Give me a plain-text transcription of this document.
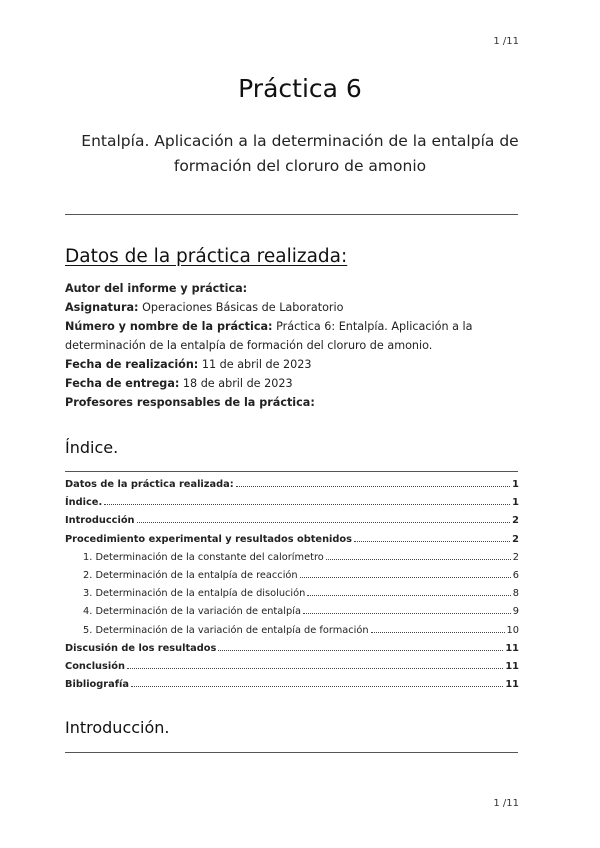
1 /11
Práctica 6
Entalpía. Aplicación a la determinación de la entalpía de
formación del cloruro de amonio
Datos de la práctica realizada:
Autor del informe y práctica:
Asignatura: Operaciones Básicas de Laboratorio
Número y nombre de la práctica: Práctica 6: Entalpía. Aplicación a la determinación de la entalpía de formación del cloruro de amonio.
Fecha de realización: 11 de abril de 2023
Fecha de entrega: 18 de abril de 2023
Profesores responsables de la práctica:
Índice.
Datos de la práctica realizada:	1
Índice.	1
Introducción	2
Procedimiento experimental y resultados obtenidos	2
1. Determinación de la constante del calorímetro	2
2. Determinación de la entalpía de reacción	6
3. Determinación de la entalpía de disolución	8
4. Determinación de la variación de entalpía	9
5. Determinación de la variación de entalpía de formación	10
Discusión de los resultados	11
Conclusión	11
Bibliografía	11
Introducción.
1 /11
